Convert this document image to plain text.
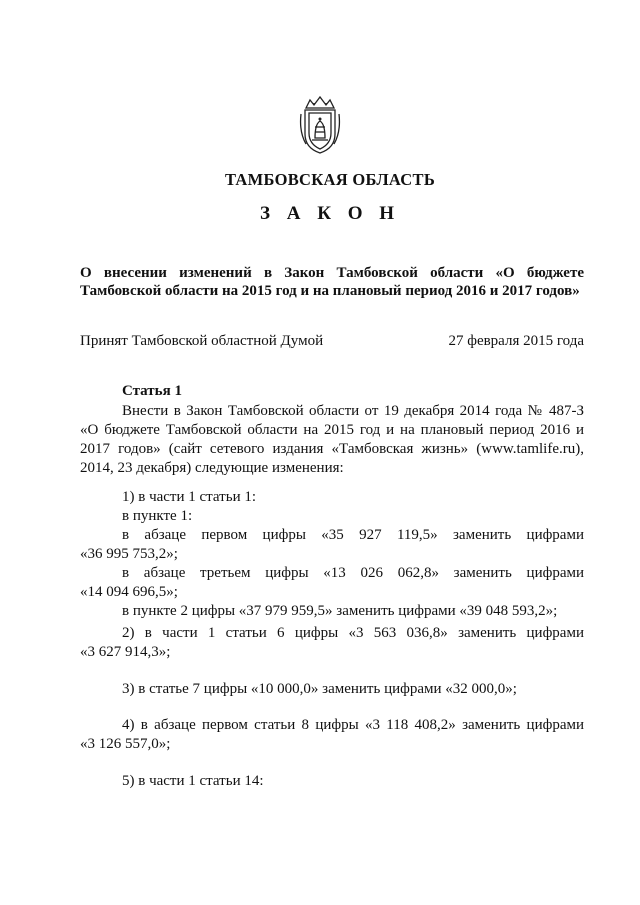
ТАМБОВСКАЯ ОБЛАСТЬ
З А К О Н
О внесении изменений в Закон Тамбовской области «О бюджете
Тамбовской области на 2015 год и на плановый период 2016 и 2017 годов»
Принят Тамбовской областной Думой	27 февраля 2015 года
Статья 1
Внести в Закон Тамбовской области от 19 декабря 2014 года № 487-З
«О бюджете Тамбовской области на 2015 год и на плановый период 2016 и
2017 годов» (сайт сетевого издания «Тамбовская жизнь» (www.tamlife.ru),
2014, 23 декабря) следующие изменения:
1) в части 1 статьи 1:
в пункте 1:
в абзаце первом цифры «35 927 119,5» заменить цифрами
«36 995 753,2»;
в абзаце третьем цифры «13 026 062,8» заменить цифрами
«14 094 696,5»;
в пункте 2 цифры «37 979 959,5» заменить цифрами «39 048 593,2»;
2) в части 1 статьи 6 цифры «3 563 036,8» заменить цифрами
«3 627 914,3»;
3) в статье 7 цифры «10 000,0» заменить цифрами «32 000,0»;
4) в абзаце первом статьи 8 цифры «3 118 408,2» заменить цифрами
«3 126 557,0»;
5) в части 1 статьи 14:
